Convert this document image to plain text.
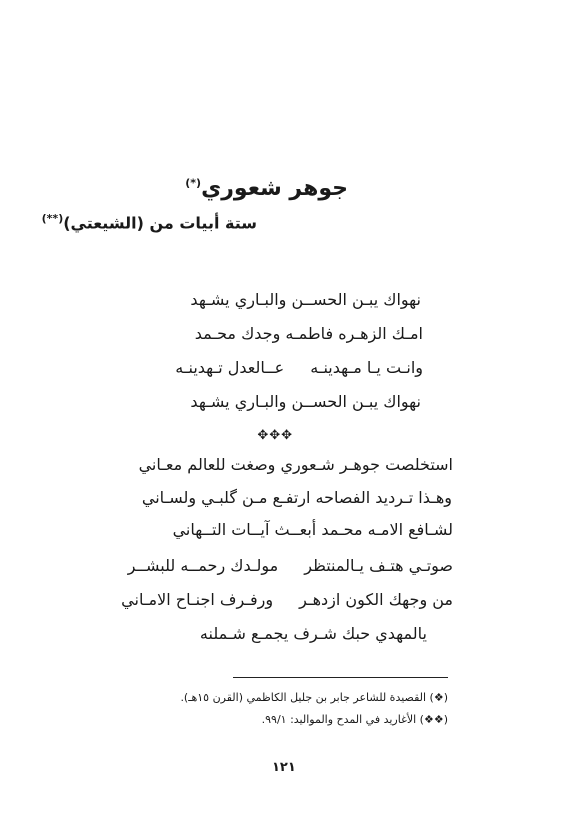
جوهر شعوري(*)
ستة أبيات من (الشيعتي)(**)
نهواك يبـن الحســن والبـاري يشـهد
امـك الزهـره فاطمـه وجدك محـمد
وانـت يـا مـهدينـهعــالعدل تـهدينـه
نهواك يبـن الحســن والبـاري يشـهد
✥✥✥
استخلصت جوهـر شـعوري وصغت للعالم معـاني
وهـذا تـرديد الفصاحه ارتفـع مـن گلبـي ولسـاني
لشـافع الامـه محـمد أبعــث آيــات التــهاني
صوتـي هتـف يـالمنتظرمولـدك رحمــه للبشــر
من وجهك الكون ازدهـرورفـرف اجنـاح الامـاني
يالمهدي حبك شـرف يجمـع شـملنه
(❖) القصيدة للشاعر جابر بن جليل الكاظمي (القرن ١٥هـ).
(❖❖) الأغاريد في المدح والمواليد: ٩٩/١.
١٢١
